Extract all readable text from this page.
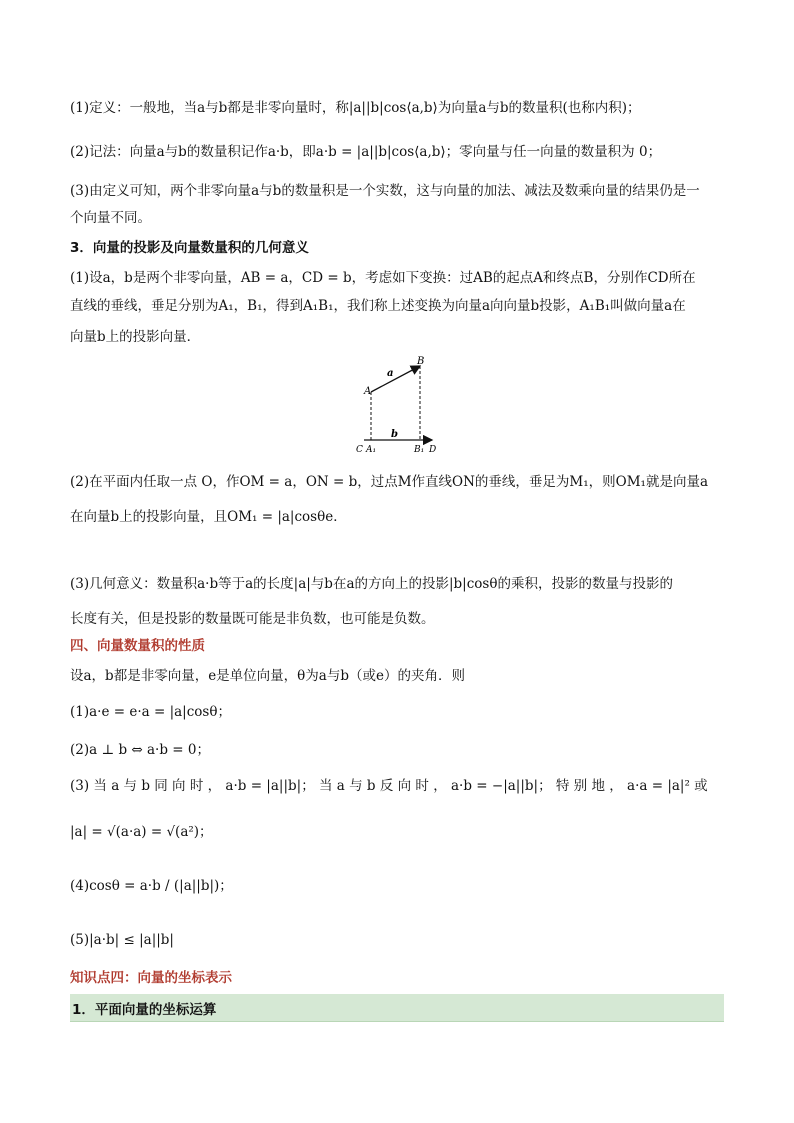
(1)定义：一般地，当a与b都是非零向量时，称|a||b|cos⟨a,b⟩为向量a与b的数量积(也称内积)；
(2)记法：向量a与b的数量积记作a·b，即a·b = |a||b|cos⟨a,b⟩；零向量与任一向量的数量积为 0；
(3)由定义可知，两个非零向量a与b的数量积是一个实数，这与向量的加法、减法及数乘向量的结果仍是一
个向量不同。
3．向量的投影及向量数量积的几何意义
(1)设a，b是两个非零向量，AB = a，CD = b，考虑如下变换：过AB的起点A和终点B，分别作CD所在
直线的垂线，垂足分别为A₁，B₁，得到A₁B₁，我们称上述变换为向量a向向量b投影，A₁B₁叫做向量a在
向量b上的投影向量．
A
B
a
b
C A₁	B₁ D
(2)在平面内任取一点 O，作OM = a，ON = b，过点M作直线ON的垂线，垂足为M₁，则OM₁就是向量a
在向量b上的投影向量，且OM₁ = |a|cosθe．
(3)几何意义：数量积a·b等于a的长度|a|与b在a的方向上的投影|b|cosθ的乘积，投影的数量与投影的
长度有关，但是投影的数量既可能是非负数，也可能是负数。
四、向量数量积的性质
设a，b都是非零向量，e是单位向量，θ为a与b（或e）的夹角．则
(1)a·e = e·a = |a|cosθ；
(2)a ⊥ b ⇔ a·b = 0；
(3) 当 a 与 b 同 向 时 ， a·b = |a||b|； 当 a 与 b 反 向 时 ， a·b = −|a||b|； 特 别 地 ， a·a = |a|² 或
|a| = √(a·a) = √(a²)；
(4)cosθ = a·b / (|a||b|)；
(5)|a·b| ≤ |a||b|
知识点四：向量的坐标表示
1．平面向量的坐标运算
